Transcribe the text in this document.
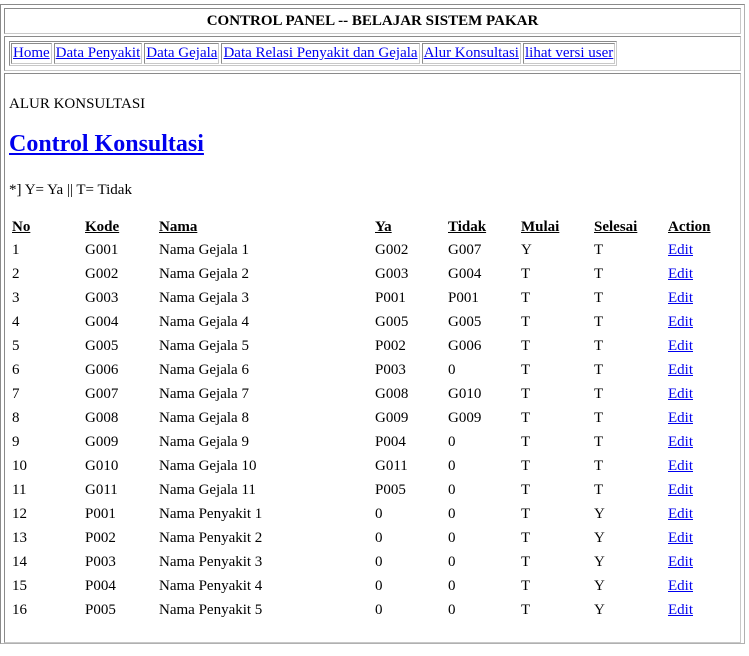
CONTROL PANEL -- BELAJAR SISTEM PAKAR
Home Data Penyakit Data Gejala Data Relasi Penyakit dan Gejala Alur Konsultasi lihat versi user
ALUR KONSULTASI
Control Konsultasi
*] Y= Ya || T= Tidak
No	Kode	Nama	Ya	Tidak	Mulai	Selesai	Action
1	G001	Nama Gejala 1	G002	G007	Y	T	Edit
2	G002	Nama Gejala 2	G003	G004	T	T	Edit
3	G003	Nama Gejala 3	P001	P001	T	T	Edit
4	G004	Nama Gejala 4	G005	G005	T	T	Edit
5	G005	Nama Gejala 5	P002	G006	T	T	Edit
6	G006	Nama Gejala 6	P003	0	T	T	Edit
7	G007	Nama Gejala 7	G008	G010	T	T	Edit
8	G008	Nama Gejala 8	G009	G009	T	T	Edit
9	G009	Nama Gejala 9	P004	0	T	T	Edit
10	G010	Nama Gejala 10	G011	0	T	T	Edit
11	G011	Nama Gejala 11	P005	0	T	T	Edit
12	P001	Nama Penyakit 1	0	0	T	Y	Edit
13	P002	Nama Penyakit 2	0	0	T	Y	Edit
14	P003	Nama Penyakit 3	0	0	T	Y	Edit
15	P004	Nama Penyakit 4	0	0	T	Y	Edit
16	P005	Nama Penyakit 5	0	0	T	Y	Edit
